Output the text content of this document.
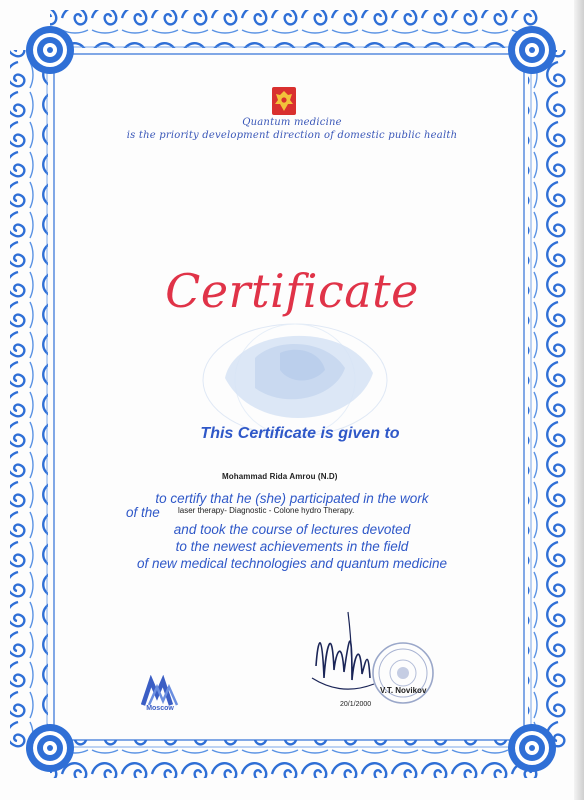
Quantum medicine
is the priority development direction of domestic public health
Certificate
This Certificate is given to
Mohammad Rida Amrou (N.D)
to certify that he (she) participated in the work
of the laser therapy- Diagnostic - Colone hydro Therapy.
and took the course of lectures devoted
to the newest achievements in the field
of new medical technologies and quantum medicine
Moscow
V.T. Novikov
20/1/2000
